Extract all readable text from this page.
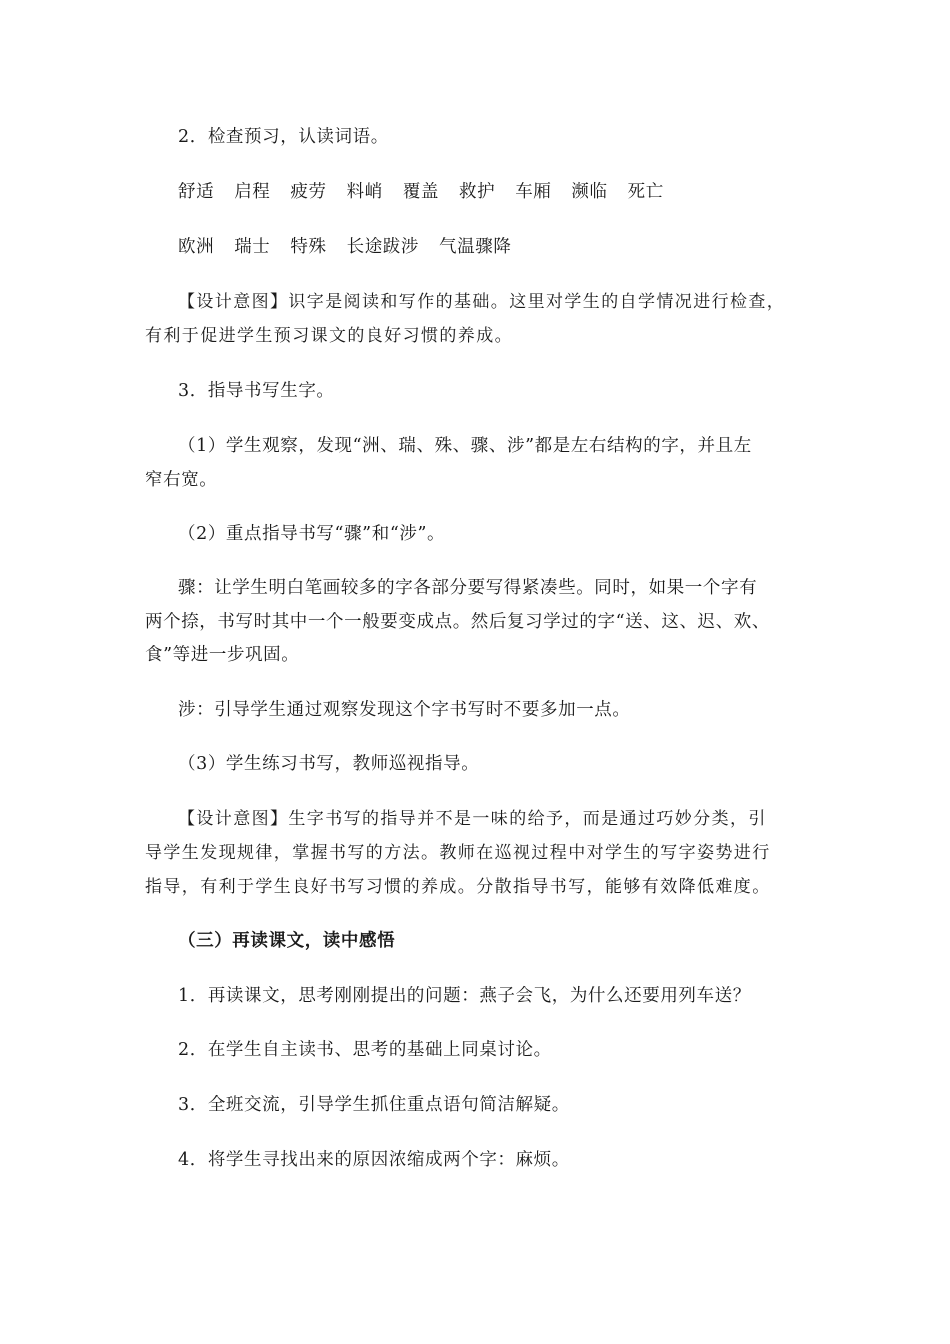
2．检查预习，认读词语。
舒适 启程 疲劳 料峭 覆盖 救护 车厢 濒临 死亡
欧洲 瑞士 特殊 长途跋涉 气温骤降
【设计意图】识字是阅读和写作的基础。这里对学生的自学情况进行检查，
有利于促进学生预习课文的良好习惯的养成。
3．指导书写生字。
（1）学生观察，发现“洲、瑞、殊、骤、涉”都是左右结构的字，并且左
窄右宽。
（2）重点指导书写“骤”和“涉”。
骤：让学生明白笔画较多的字各部分要写得紧凑些。同时，如果一个字有
两个捺，书写时其中一个一般要变成点。然后复习学过的字“送、这、迟、欢、
食”等进一步巩固。
涉：引导学生通过观察发现这个字书写时不要多加一点。
（3）学生练习书写，教师巡视指导。
【设计意图】生字书写的指导并不是一味的给予，而是通过巧妙分类，引
导学生发现规律，掌握书写的方法。教师在巡视过程中对学生的写字姿势进行
指导，有利于学生良好书写习惯的养成。分散指导书写，能够有效降低难度。
（三）再读课文，读中感悟
1．再读课文，思考刚刚提出的问题：燕子会飞，为什么还要用列车送？
2．在学生自主读书、思考的基础上同桌讨论。
3．全班交流，引导学生抓住重点语句简洁解疑。
4．将学生寻找出来的原因浓缩成两个字：麻烦。
